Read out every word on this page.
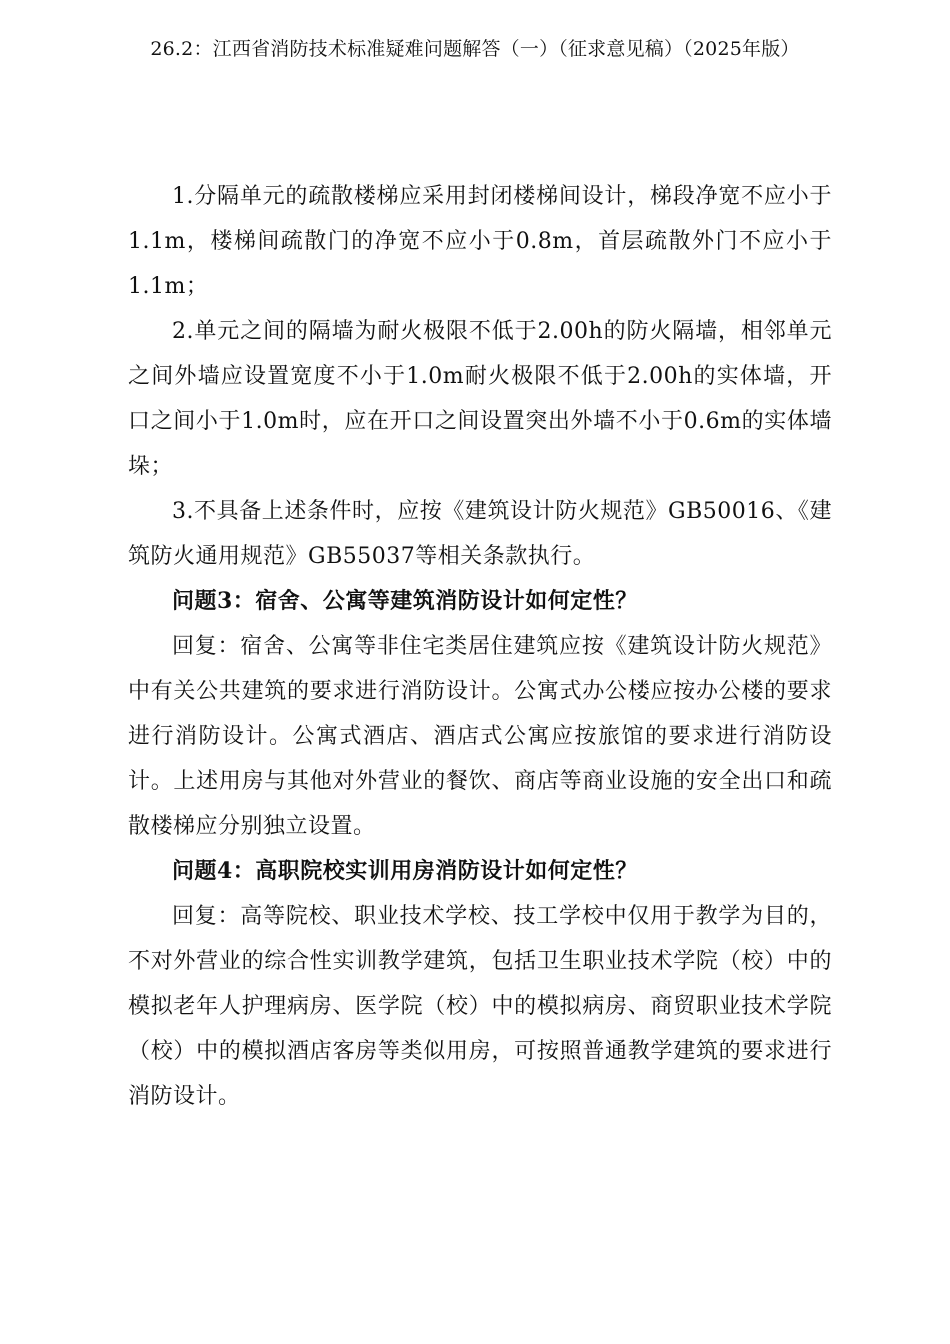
26.2：江西省消防技术标准疑难问题解答（一）（征求意见稿）（2025年版）

1.分隔单元的疏散楼梯应采用封闭楼梯间设计，梯段净宽不应小于1.1m，楼梯间疏散门的净宽不应小于0.8m，首层疏散外门不应小于1.1m；

2.单元之间的隔墙为耐火极限不低于2.00h的防火隔墙，相邻单元之间外墙应设置宽度不小于1.0m耐火极限不低于2.00h的实体墙，开口之间小于1.0m时，应在开口之间设置突出外墙不小于0.6m的实体墙垛；

3.不具备上述条件时，应按《建筑设计防火规范》GB50016、《建筑防火通用规范》GB55037等相关条款执行。

问题3：宿舍、公寓等建筑消防设计如何定性？

回复：宿舍、公寓等非住宅类居住建筑应按《建筑设计防火规范》中有关公共建筑的要求进行消防设计。公寓式办公楼应按办公楼的要求进行消防设计。公寓式酒店、酒店式公寓应按旅馆的要求进行消防设计。上述用房与其他对外营业的餐饮、商店等商业设施的安全出口和疏散楼梯应分别独立设置。

问题4：高职院校实训用房消防设计如何定性？

回复：高等院校、职业技术学校、技工学校中仅用于教学为目的，不对外营业的综合性实训教学建筑，包括卫生职业技术学院（校）中的模拟老年人护理病房、医学院（校）中的模拟病房、商贸职业技术学院（校）中的模拟酒店客房等类似用房，可按照普通教学建筑的要求进行消防设计。
